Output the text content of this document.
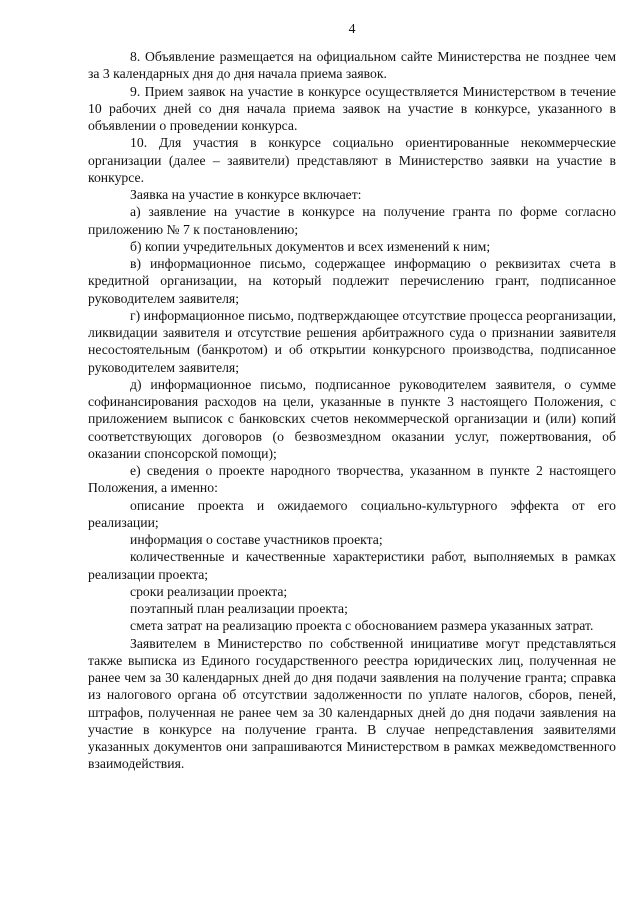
4

8. Объявление размещается на официальном сайте Министерства не позднее чем за 3 календарных дня до дня начала приема заявок.

9. Прием заявок на участие в конкурсе осуществляется Министерством в течение 10 рабочих дней со дня начала приема заявок на участие в конкурсе, указанного в объявлении о проведении конкурса.

10. Для участия в конкурсе социально ориентированные некоммерческие организации (далее – заявители) представляют в Министерство заявки на участие в конкурсе.

Заявка на участие в конкурсе включает:

а) заявление на участие в конкурсе на получение гранта по форме согласно приложению № 7 к постановлению;

б) копии учредительных документов и всех изменений к ним;

в) информационное письмо, содержащее информацию о реквизитах счета в кредитной организации, на который подлежит перечислению грант, подписанное руководителем заявителя;

г) информационное письмо, подтверждающее отсутствие процесса реорганизации, ликвидации заявителя и отсутствие решения арбитражного суда о признании заявителя несостоятельным (банкротом) и об открытии конкурсного производства, подписанное руководителем заявителя;

д) информационное письмо, подписанное руководителем заявителя, о сумме софинансирования расходов на цели, указанные в пункте 3 настоящего Положения, с приложением выписок с банковских счетов некоммерческой организации и (или) копий соответствующих договоров (о безвозмездном оказании услуг, пожертвования, об оказании спонсорской помощи);

е) сведения о проекте народного творчества, указанном в пункте 2 настоящего Положения, а именно:

описание проекта и ожидаемого социально-культурного эффекта от его реализации;

информация о составе участников проекта;

количественные и качественные характеристики работ, выполняемых в рамках реализации проекта;

сроки реализации проекта;

поэтапный план реализации проекта;

смета затрат на реализацию проекта с обоснованием размера указанных затрат.

Заявителем в Министерство по собственной инициативе могут представляться также выписка из Единого государственного реестра юридических лиц, полученная не ранее чем за 30 календарных дней до дня подачи заявления на получение гранта; справка из налогового органа об отсутствии задолженности по уплате налогов, сборов, пеней, штрафов, полученная не ранее чем за 30 календарных дней до дня подачи заявления на участие в конкурсе на получение гранта. В случае непредставления заявителями указанных документов они запрашиваются Министерством в рамках межведомственного взаимодействия.
